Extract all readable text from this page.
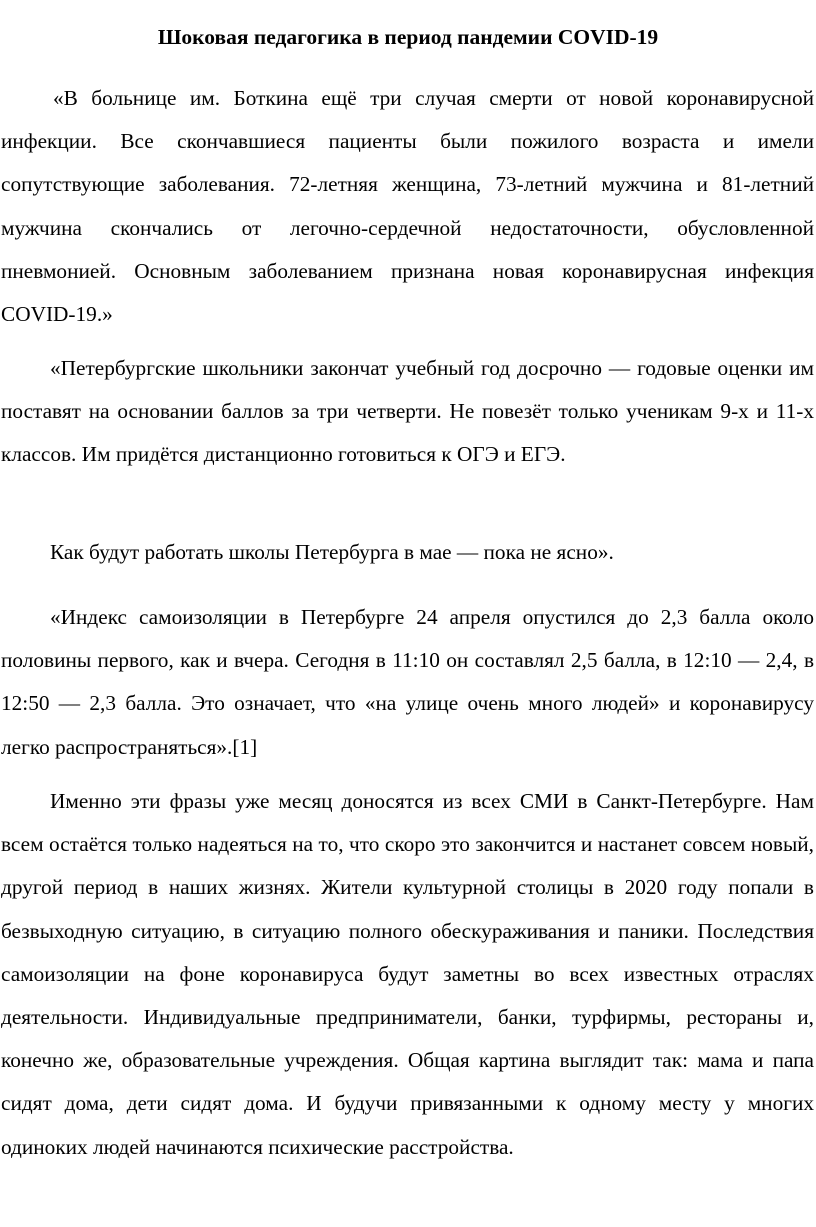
Шоковая педагогика в период пандемии COVID-19

«В больнице им. Боткина ещё три случая смерти от новой коронавирусной инфекции. Все скончавшиеся пациенты были пожилого возраста и имели сопутствующие заболевания. 72-летняя женщина, 73-летний мужчина и 81-летний мужчина скончались от легочно-сердечной недостаточности, обусловленной пневмонией. Основным заболеванием признана новая коронавирусная инфекция COVID-19.»

«Петербургские школьники закончат учебный год досрочно — годовые оценки им поставят на основании баллов за три четверти. Не повезёт только ученикам 9-х и 11-х классов. Им придётся дистанционно готовиться к ОГЭ и ЕГЭ.

Как будут работать школы Петербурга в мае — пока не ясно».

«Индекс самоизоляции в Петербурге 24 апреля опустился до 2,3 балла около половины первого, как и вчера. Сегодня в 11:10 он составлял 2,5 балла, в 12:10 — 2,4, в 12:50 — 2,3 балла. Это означает, что «на улице очень много людей» и коронавирусу легко распространяться».[1]

Именно эти фразы уже месяц доносятся из всех СМИ в Санкт-Петербурге. Нам всем остаётся только надеяться на то, что скоро это закончится и настанет совсем новый, другой период в наших жизнях. Жители культурной столицы в 2020 году попали в безвыходную ситуацию, в ситуацию полного обескураживания и паники. Последствия самоизоляции на фоне коронавируса будут заметны во всех известных отраслях деятельности. Индивидуальные предприниматели, банки, турфирмы, рестораны и, конечно же, образовательные учреждения. Общая картина выглядит так: мама и папа сидят дома, дети сидят дома. И будучи привязанными к одному месту у многих одиноких людей начинаются психические расстройства.
